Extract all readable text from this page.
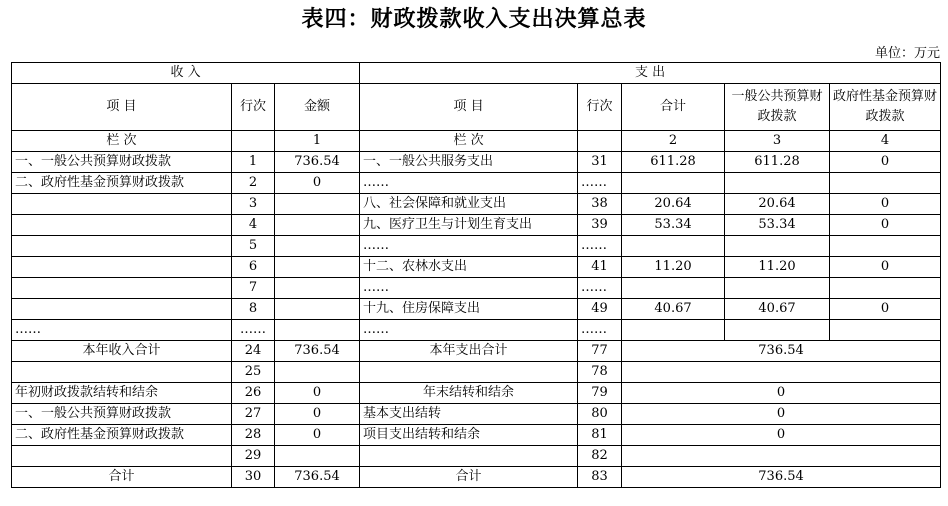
表四：财政拨款收入支出决算总表
单位：万元
收 入			支 出				
项 目	行次	金额	项 目	行次	合计	一般公共预算财政拨款	政府性基金预算财政拨款
栏 次		1	栏 次		2	3	4
一、一般公共预算财政拨款	1	736.54	一、一般公共服务支出	31	611.28	611.28	0
二、政府性基金预算财政拨款	2	0	……	……			
	3		八、社会保障和就业支出	38	20.64	20.64	0
	4		九、医疗卫生与计划生育支出	39	53.34	53.34	0
	5		……	……			
	6		十二、农林水支出	41	11.20	11.20	0
	7		……	……			
	8		十九、住房保障支出	49	40.67	40.67	0
……	……		……	……			
本年收入合计	24	736.54	本年支出合计	77	736.54		
	25			78			
年初财政拨款结转和结余	26	0	年末结转和结余	79	0		
一、一般公共预算财政拨款	27	0	基本支出结转	80	0		
二、政府性基金预算财政拨款	28	0	项目支出结转和结余	81	0		
	29			82			
合计	30	736.54	合计	83	736.54		
